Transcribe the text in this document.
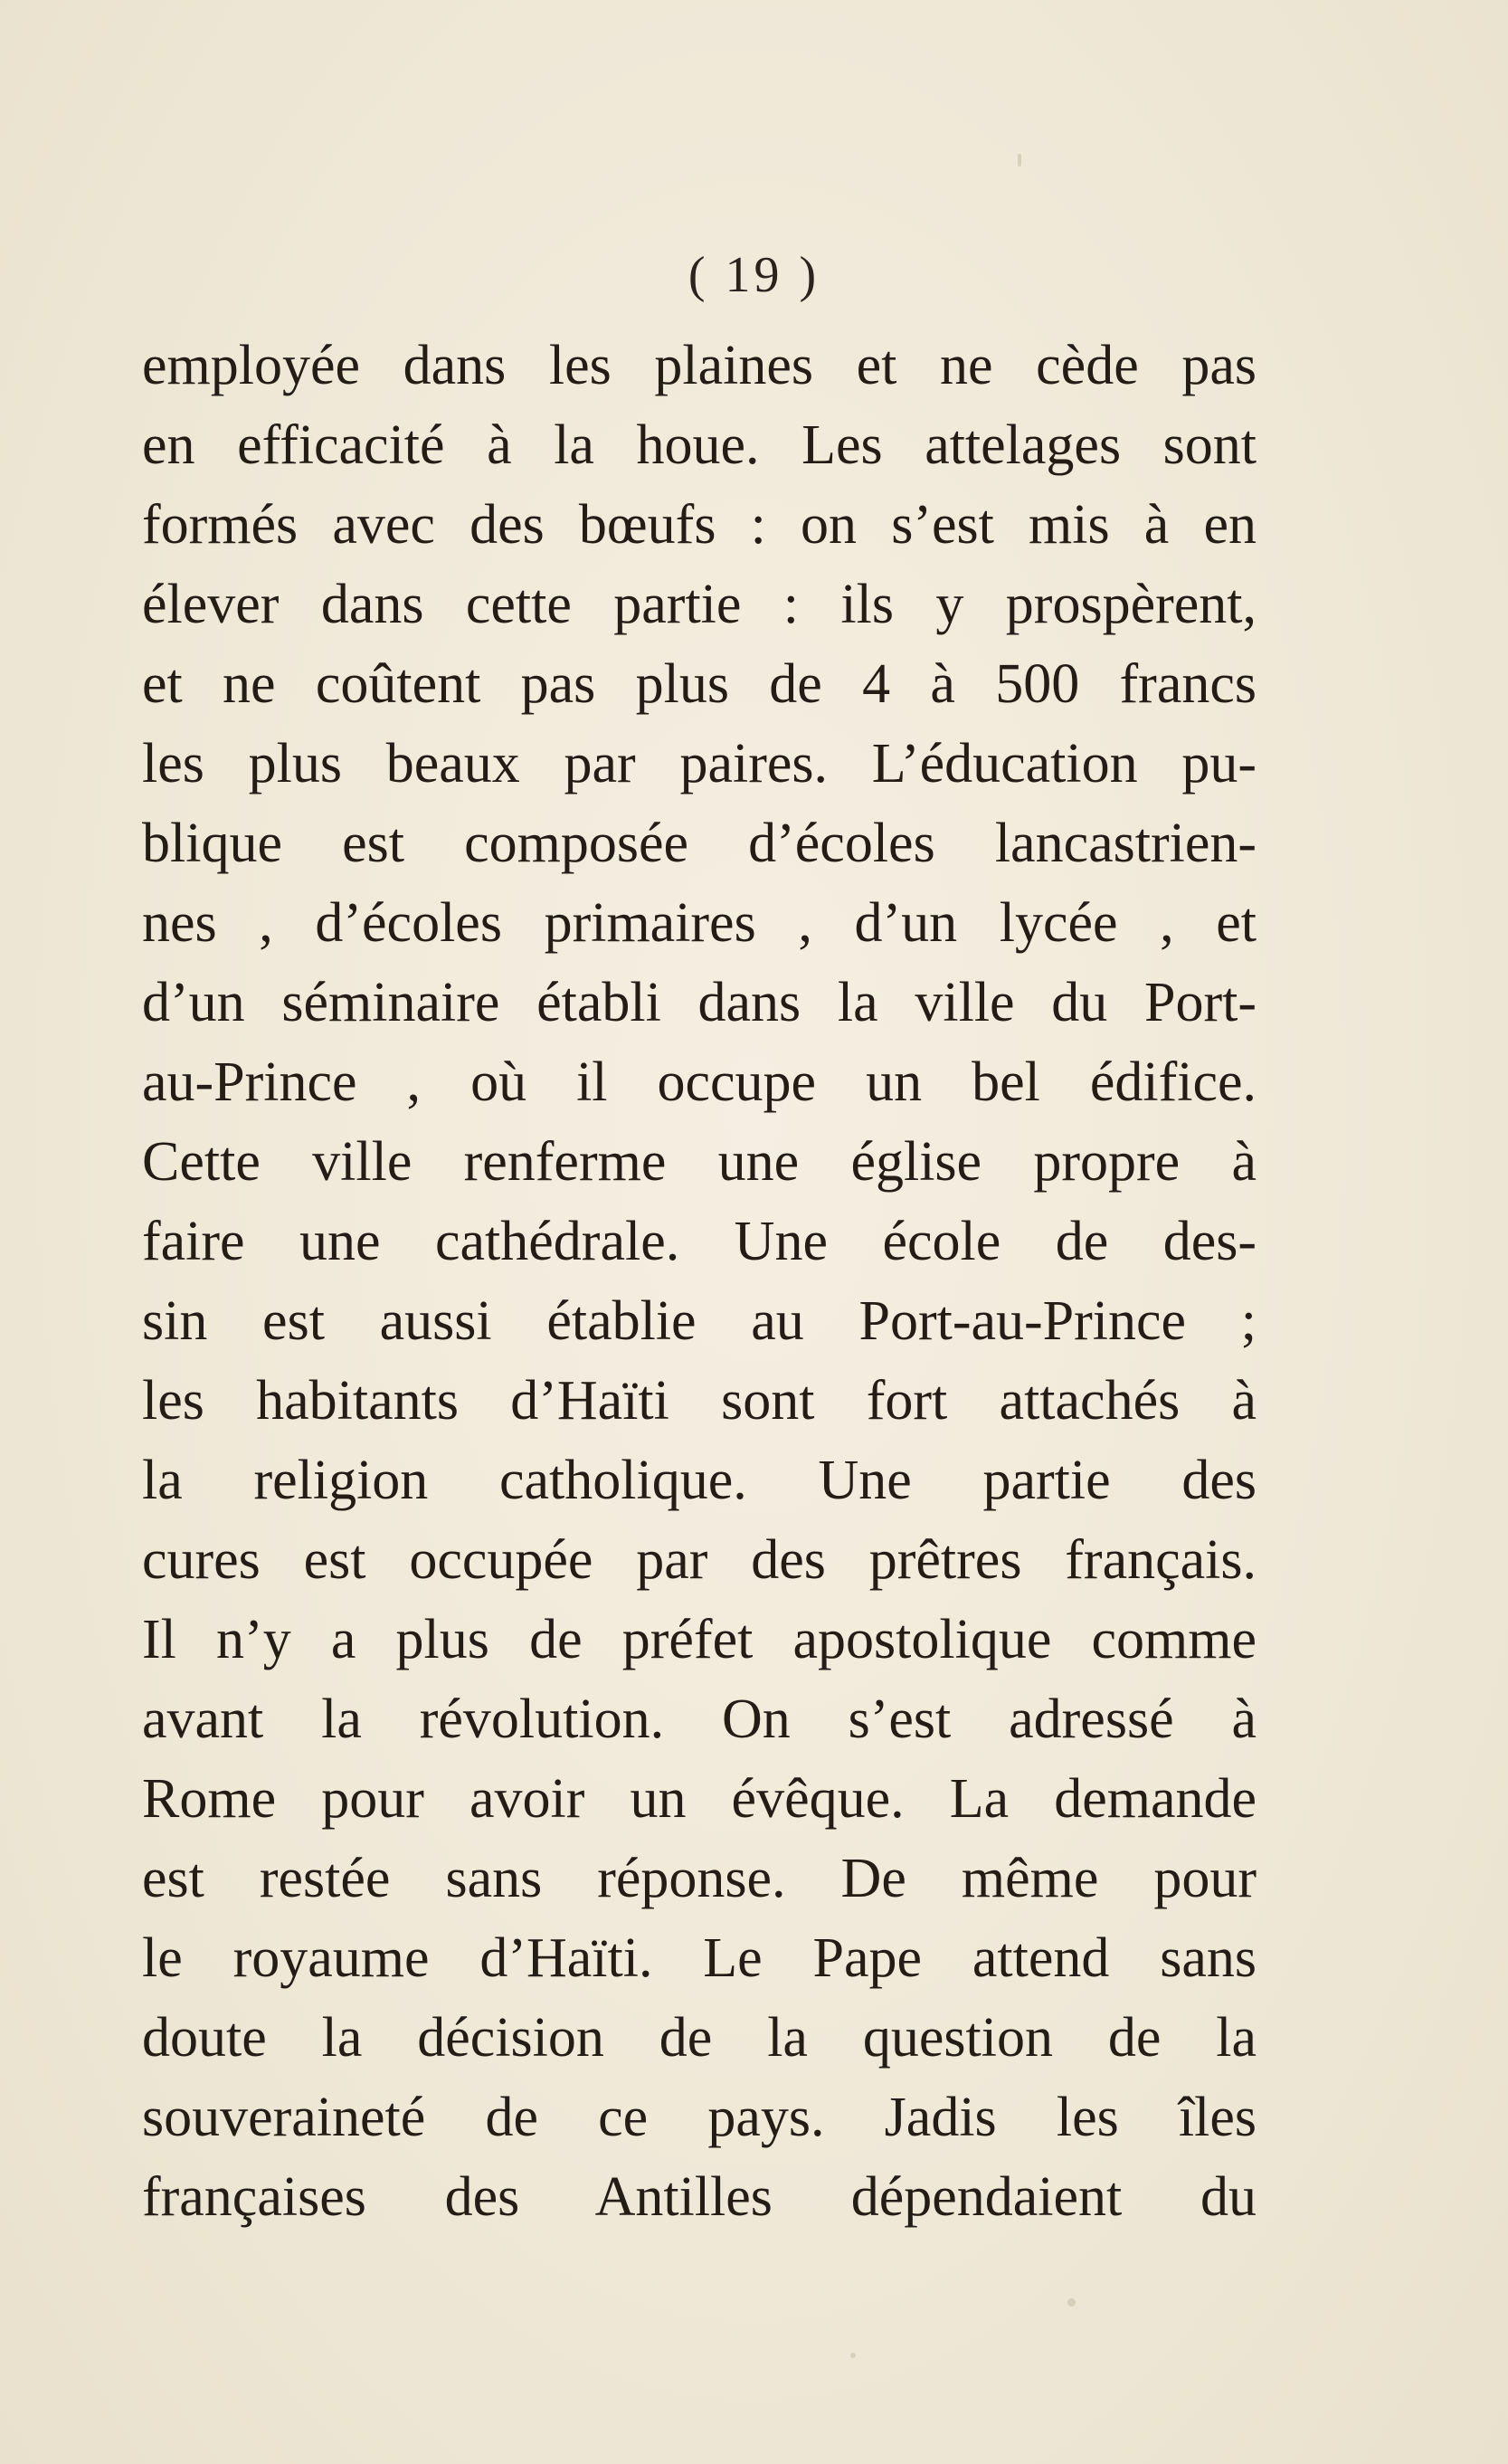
( 19 )
employée dans les plaines et ne cède pas
en efficacité à la houe. Les attelages sont
formés avec des bœufs : on s’est mis à en
élever dans cette partie : ils y prospèrent,
et ne coûtent pas plus de 4 à 500 francs
les plus beaux par paires. L’éducation pu-
blique est composée d’écoles lancastrien-
nes , d’écoles primaires , d’un lycée , et
d’un séminaire établi dans la ville du Port-
au-Prince , où il occupe un bel édifice.
Cette ville renferme une église propre à
faire une cathédrale. Une école de des-
sin est aussi établie au Port-au-Prince ;
les habitants d’Haïti sont fort attachés à
la religion catholique. Une partie des
cures est occupée par des prêtres français.
Il n’y a plus de préfet apostolique comme
avant la révolution. On s’est adressé à
Rome pour avoir un évêque. La demande
est restée sans réponse. De même pour
le royaume d’Haïti. Le Pape attend sans
doute la décision de la question de la
souveraineté de ce pays. Jadis les îles
françaises des Antilles dépendaient du
